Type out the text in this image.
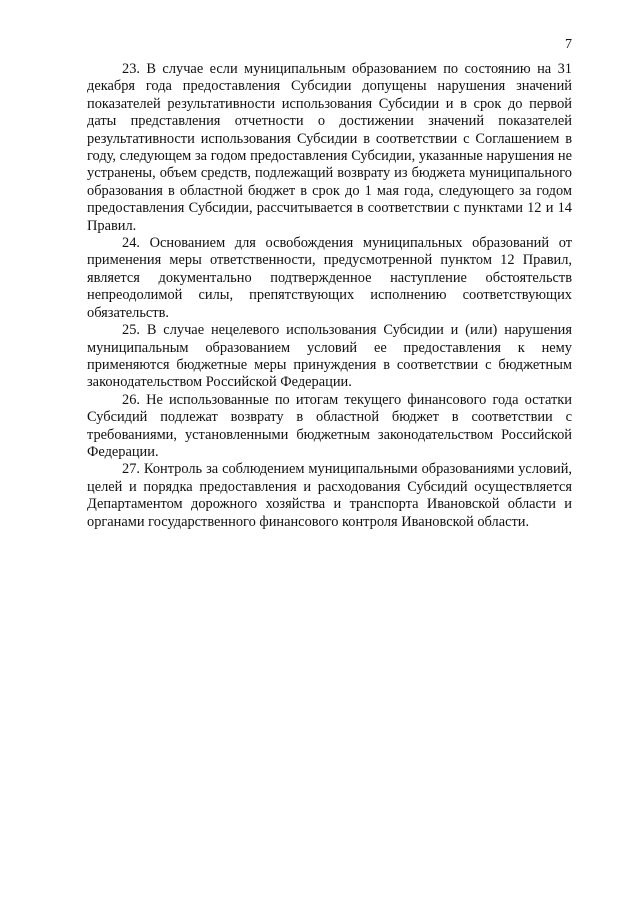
7

23. В случае если муниципальным образованием по состоянию на 31 декабря года предоставления Субсидии допущены нарушения значений показателей результативности использования Субсидии и в срок до первой даты представления отчетности о достижении значений показателей результативности использования Субсидии в соответствии с Соглашением в году, следующем за годом предоставления Субсидии, указанные нарушения не устранены, объем средств, подлежащий возврату из бюджета муниципального образования в областной бюджет в срок до 1 мая года, следующего за годом предоставления Субсидии, рассчитывается в соответствии с пунктами 12 и 14 Правил.

24. Основанием для освобождения муниципальных образований от применения меры ответственности, предусмотренной пунктом 12 Правил, является документально подтвержденное наступление обстоятельств непреодолимой силы, препятствующих исполнению соответствующих обязательств.

25. В случае нецелевого использования Субсидии и (или) нарушения муниципальным образованием условий ее предоставления к нему применяются бюджетные меры принуждения в соответствии с бюджетным законодательством Российской Федерации.

26. Не использованные по итогам текущего финансового года остатки Субсидий подлежат возврату в областной бюджет в соответствии с требованиями, установленными бюджетным законодательством Российской Федерации.

27. Контроль за соблюдением муниципальными образованиями условий, целей и порядка предоставления и расходования Субсидий осуществляется Департаментом дорожного хозяйства и транспорта Ивановской области и органами государственного финансового контроля Ивановской области.
